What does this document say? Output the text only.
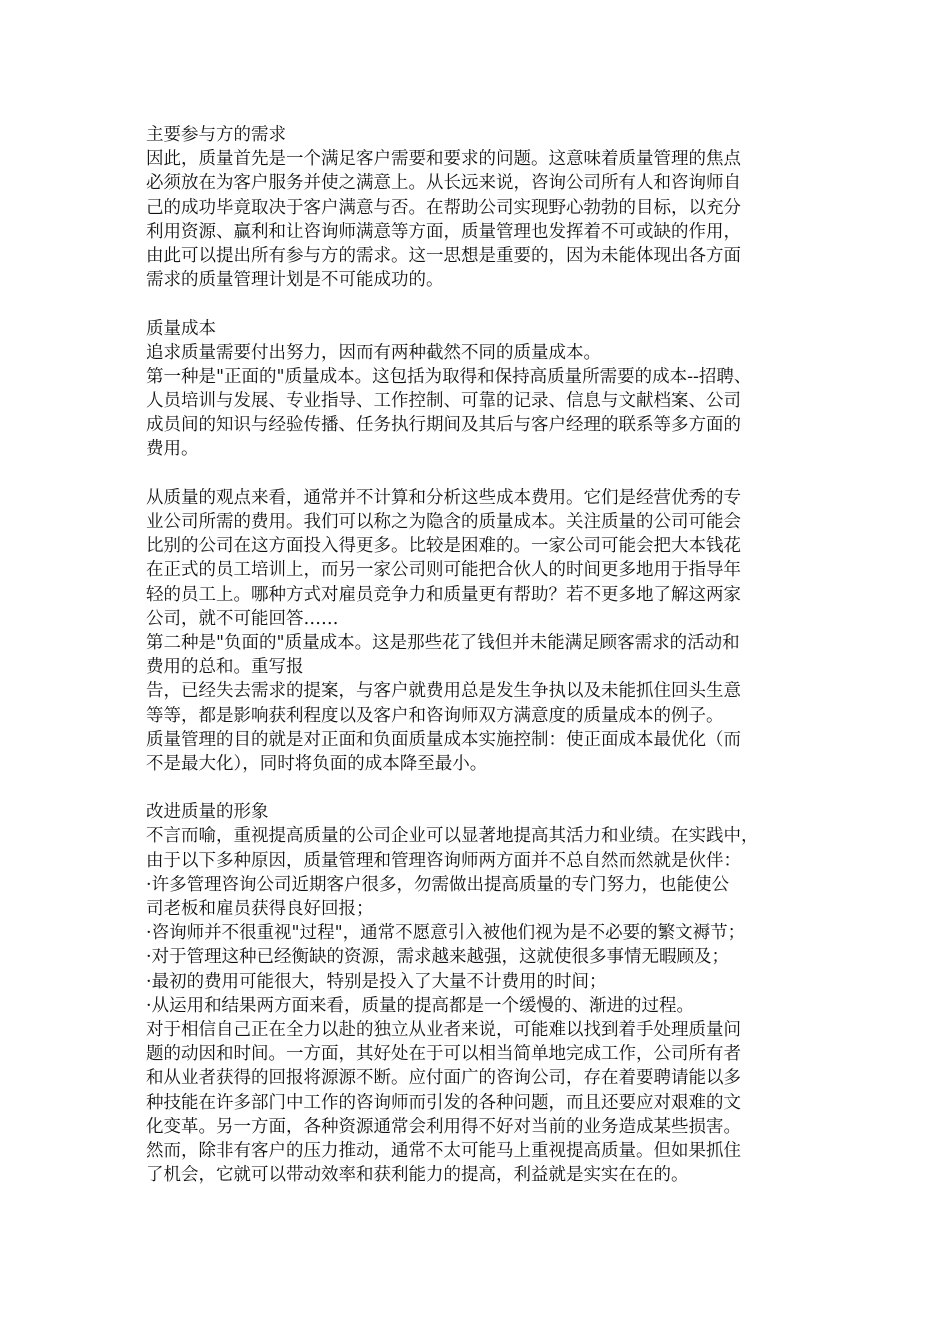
主要参与方的需求
因此，质量首先是一个满足客户需要和要求的问题。这意味着质量管理的焦点
必须放在为客户服务并使之满意上。从长远来说，咨询公司所有人和咨询师自
己的成功毕竟取决于客户满意与否。在帮助公司实现野心勃勃的目标，以充分
利用资源、赢利和让咨询师满意等方面，质量管理也发挥着不可或缺的作用，
由此可以提出所有参与方的需求。这一思想是重要的，因为未能体现出各方面
需求的质量管理计划是不可能成功的。
质量成本
追求质量需要付出努力，因而有两种截然不同的质量成本。
第一种是"正面的"质量成本。这包括为取得和保持高质量所需要的成本--招聘、
人员培训与发展、专业指导、工作控制、可靠的记录、信息与文献档案、公司
成员间的知识与经验传播、任务执行期间及其后与客户经理的联系等多方面的
费用。
从质量的观点来看，通常并不计算和分析这些成本费用。它们是经营优秀的专
业公司所需的费用。我们可以称之为隐含的质量成本。关注质量的公司可能会
比别的公司在这方面投入得更多。比较是困难的。一家公司可能会把大本钱花
在正式的员工培训上，而另一家公司则可能把合伙人的时间更多地用于指导年
轻的员工上。哪种方式对雇员竞争力和质量更有帮助？若不更多地了解这两家
公司，就不可能回答……
第二种是"负面的"质量成本。这是那些花了钱但并未能满足顾客需求的活动和
费用的总和。重写报
告，已经失去需求的提案，与客户就费用总是发生争执以及未能抓住回头生意
等等，都是影响获利程度以及客户和咨询师双方满意度的质量成本的例子。
质量管理的目的就是对正面和负面质量成本实施控制：使正面成本最优化（而
不是最大化），同时将负面的成本降至最小。
改进质量的形象
不言而喻，重视提高质量的公司企业可以显著地提高其活力和业绩。在实践中，
由于以下多种原因，质量管理和管理咨询师两方面并不总自然而然就是伙伴：
·许多管理咨询公司近期客户很多，勿需做出提高质量的专门努力，也能使公
司老板和雇员获得良好回报；
·咨询师并不很重视"过程"，通常不愿意引入被他们视为是不必要的繁文褥节；
·对于管理这种已经衡缺的资源，需求越来越强，这就使很多事情无暇顾及；
·最初的费用可能很大，特别是投入了大量不计费用的时间；
·从运用和结果两方面来看，质量的提高都是一个缓慢的、渐进的过程。
对于相信自己正在全力以赴的独立从业者来说，可能难以找到着手处理质量问
题的动因和时间。一方面，其好处在于可以相当简单地完成工作，公司所有者
和从业者获得的回报将源源不断。应付面广的咨询公司，存在着要聘请能以多
种技能在许多部门中工作的咨询师而引发的各种问题，而且还要应对艰难的文
化变革。另一方面，各种资源通常会利用得不好对当前的业务造成某些损害。
然而，除非有客户的压力推动，通常不太可能马上重视提高质量。但如果抓住
了机会，它就可以带动效率和获利能力的提高，利益就是实实在在的。
